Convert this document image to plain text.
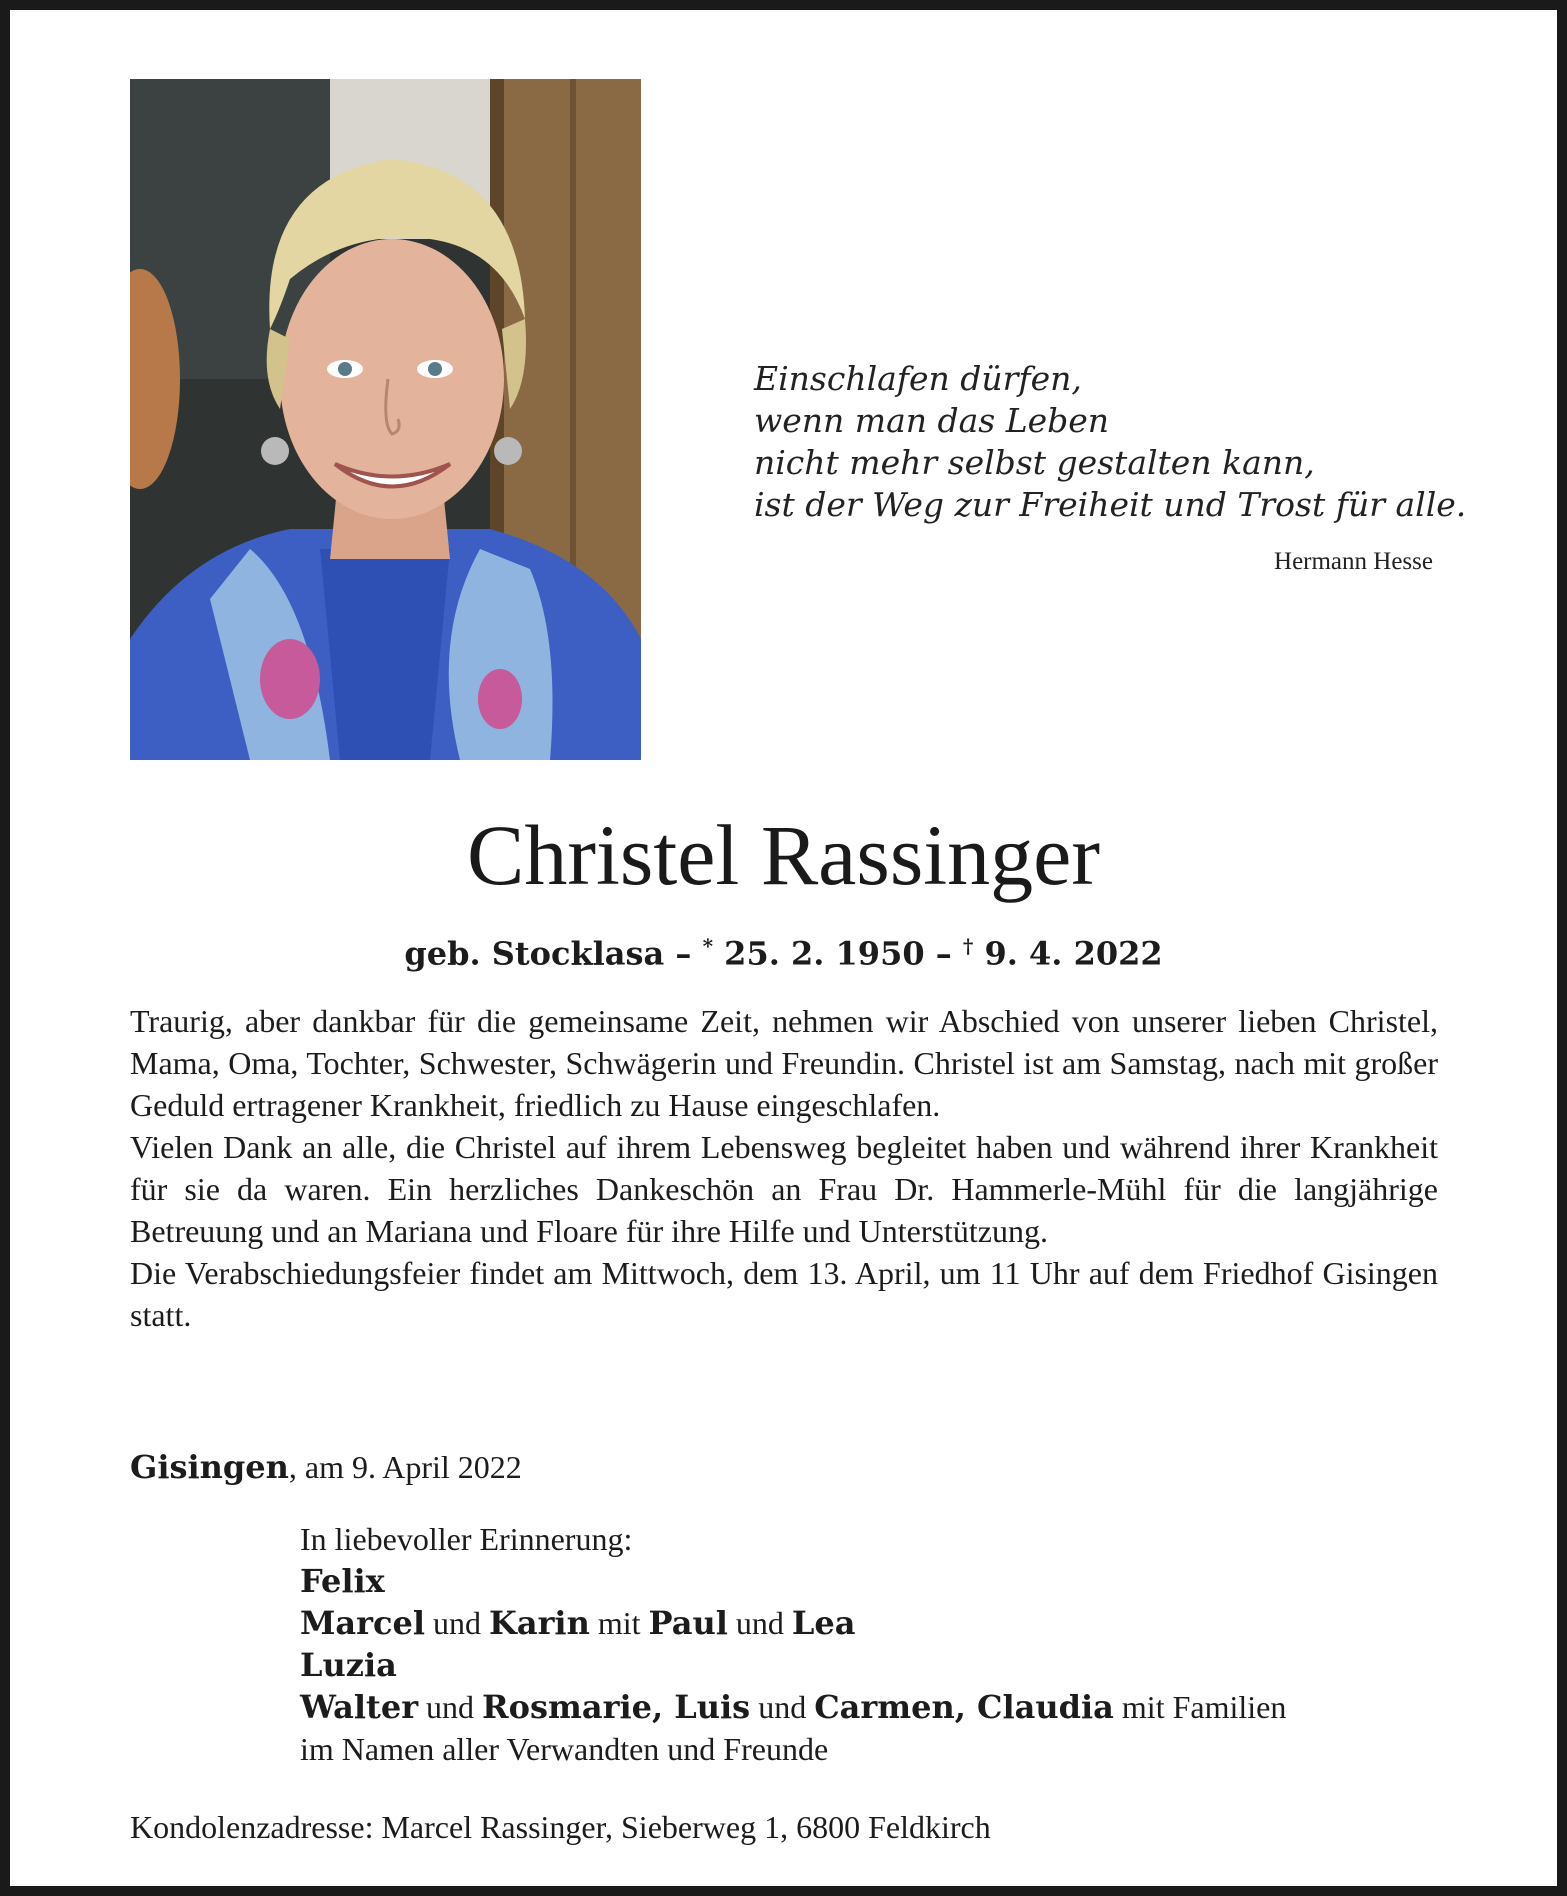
Einschlafen dürfen,
wenn man das Leben
nicht mehr selbst gestalten kann,
ist der Weg zur Freiheit und Trost für alle.
Hermann Hesse
Christel Rassinger
geb. Stocklasa – * 25. 2. 1950 – † 9. 4. 2022

Traurig, aber dankbar für die gemeinsame Zeit, nehmen wir Abschied von unserer lieben Christel, Mama, Oma, Tochter, Schwester, Schwägerin und Freundin. Christel ist am Samstag, nach mit großer Geduld ertragener Krankheit, friedlich zu Hause eingeschlafen.

Vielen Dank an alle, die Christel auf ihrem Lebensweg begleitet haben und während ihrer Krankheit für sie da waren. Ein herzliches Dankeschön an Frau Dr. Hammerle-Mühl für die langjährige Betreuung und an Mariana und Floare für ihre Hilfe und Unterstützung.

Die Verabschiedungsfeier findet am Mittwoch, dem 13. April, um 11 Uhr auf dem Friedhof Gisingen statt.

Gisingen, am 9. April 2022
In liebevoller Erinnerung:
Felix
Marcel und Karin mit Paul und Lea
Luzia
Walter und Rosmarie, Luis und Carmen, Claudia mit Familien
im Namen aller Verwandten und Freunde
Kondolenzadresse: Marcel Rassinger, Sieberweg 1, 6800 Feldkirch
